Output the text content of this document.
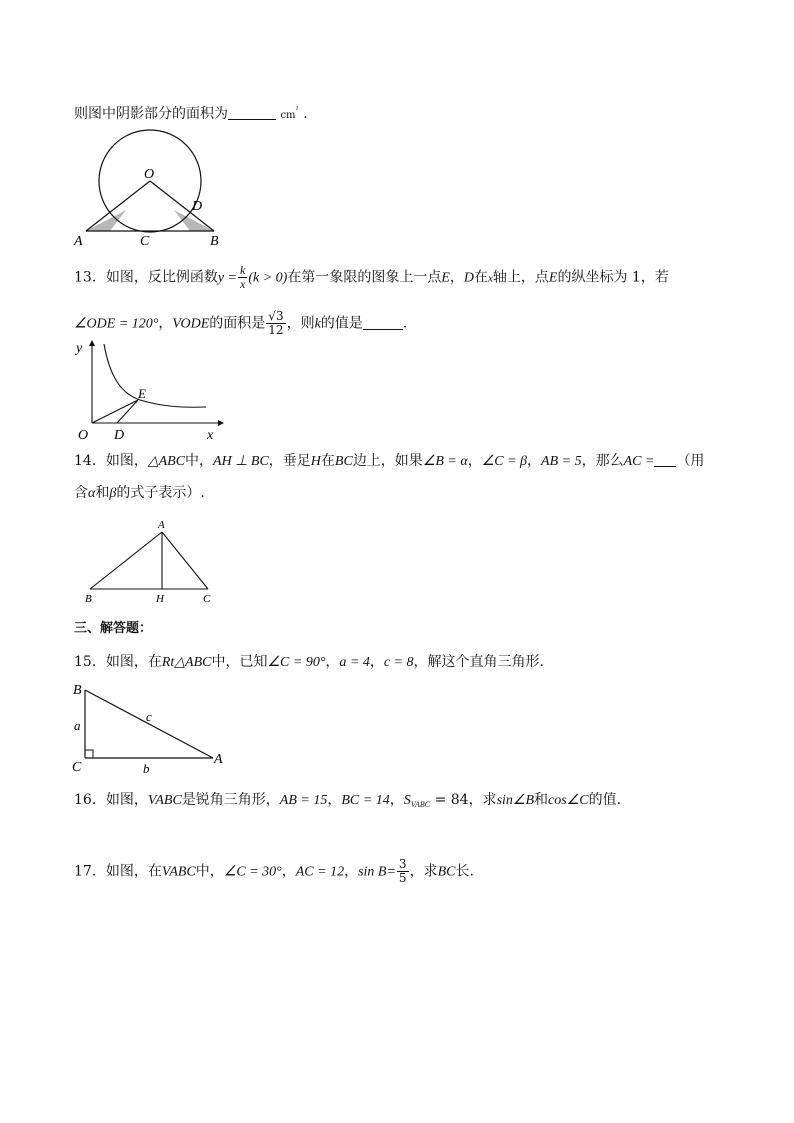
则图中阴影部分的面积为	$cm^{^2}$ .
O
D
A	C	B
13．如图，反比例函数$y = \frac{k}{x} (k > 0)$在第一象限的图象上一点E，D在x轴上，点E的纵坐标为 1，若
∠ODE = 120°，VODE的面积是 $\frac{√3}{12}$ ，则k的值是	.
y
E
O D	x
14．如图，△ABC中，AH ⊥ BC，垂足H在BC边上，如果∠B = α，∠C = β，AB = 5，那么AC = （用
含α和β的式子表示）.
A
B	H	C
三、解答题：
15．如图，在Rt△ABC中，已知∠C = 90°，a = 4，c = 8，解这个直角三角形.
B
a
c
C	b
A
16．如图，VABC是锐角三角形，AB = 15，BC = 14，$S_{VABC} = 84$，求sin∠B和cos∠C的值.
17．如图，在VABC中，∠C = 30°，AC = 12，$\sin B= \frac{3}{5}$ ，求BC长.
